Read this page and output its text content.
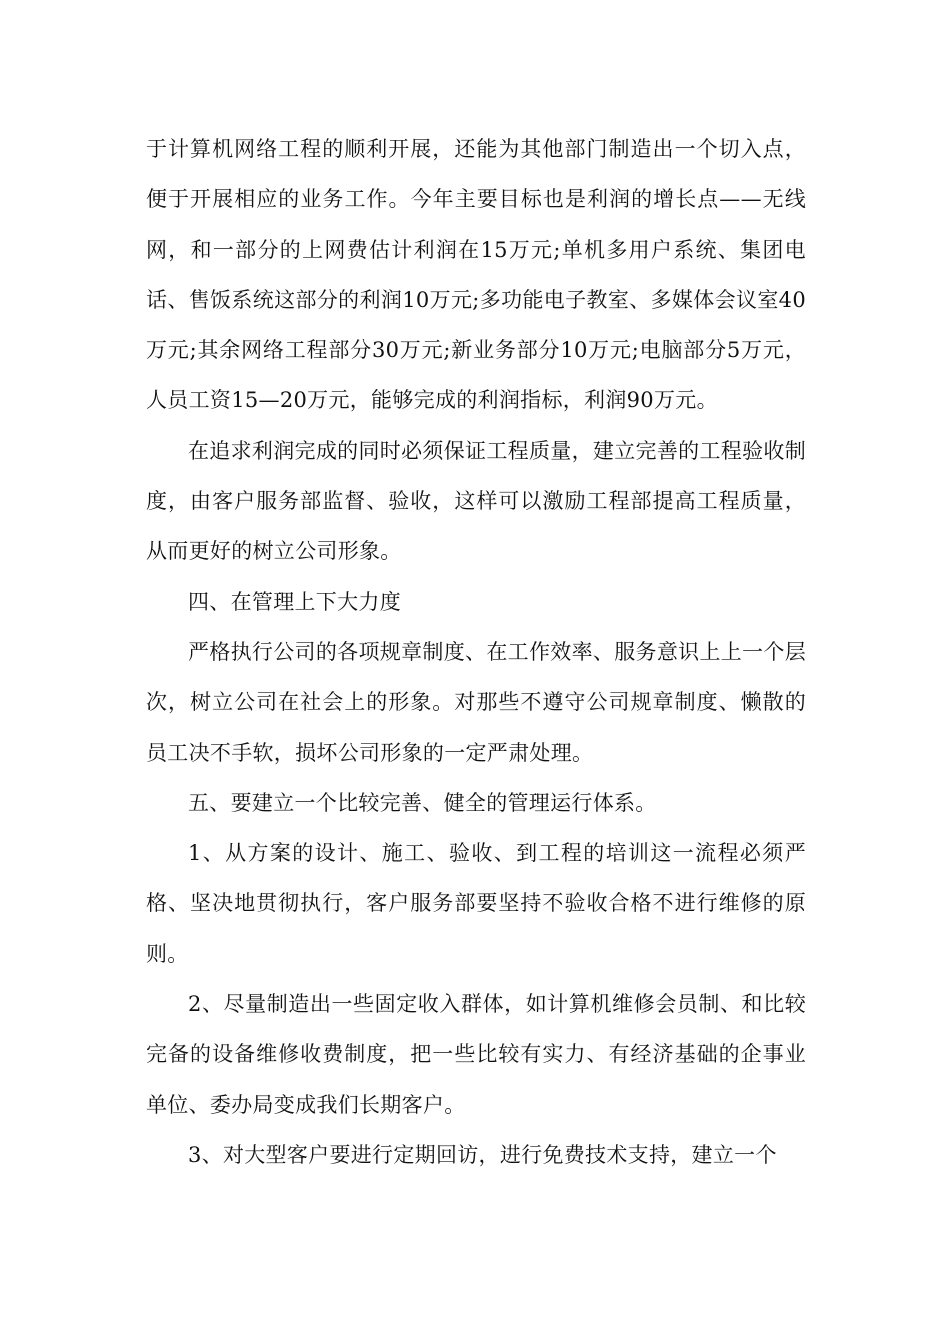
于计算机网络工程的顺利开展，还能为其他部门制造出一个切入点，便于开展相应的业务工作。今年主要目标也是利润的增长点——无线网，和一部分的上网费估计利润在15万元;单机多用户系统、集团电话、售饭系统这部分的利润10万元;多功能电子教室、多媒体会议室40万元;其余网络工程部分30万元;新业务部分10万元;电脑部分5万元，人员工资15—20万元，能够完成的利润指标，利润90万元。

在追求利润完成的同时必须保证工程质量，建立完善的工程验收制度，由客户服务部监督、验收，这样可以激励工程部提高工程质量，从而更好的树立公司形象。

四、在管理上下大力度

严格执行公司的各项规章制度、在工作效率、服务意识上上一个层次，树立公司在社会上的形象。对那些不遵守公司规章制度、懒散的员工决不手软，损坏公司形象的一定严肃处理。

五、要建立一个比较完善、健全的管理运行体系。

1、从方案的设计、施工、验收、到工程的培训这一流程必须严格、坚决地贯彻执行，客户服务部要坚持不验收合格不进行维修的原则。

2、尽量制造出一些固定收入群体，如计算机维修会员制、和比较完备的设备维修收费制度，把一些比较有实力、有经济基础的企事业单位、委办局变成我们长期客户。

3、对大型客户要进行定期回访，进行免费技术支持，建立一个
